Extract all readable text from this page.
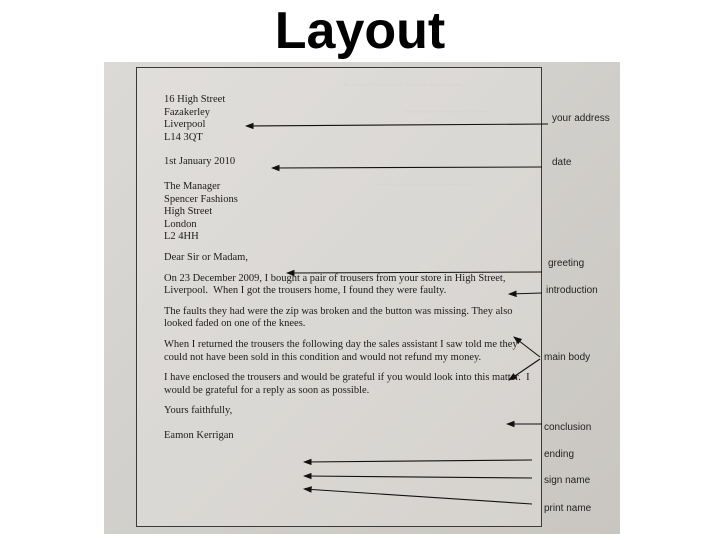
Layout
~ ~~~~ ~~~~~ ~~~~ ~~~~~~
~~~~~ ~~~~~~ ~~~~
~~~~ ~~~~~~~~ ~~~~~

16 High Street

Fazakerley

Liverpool

L14 3QT

1st January 2010

The Manager

Spencer Fashions

High Street

London

L2 4HH

Dear Sir or Madam,

On 23 December 2009, I bought a pair of trousers from your store in High Street, Liverpool.  When I got the trousers home, I found they were faulty.

The faults they had were the zip was broken and the button was missing. They also looked faded on one of the knees.

When I returned the trousers the following day the sales assistant I saw told me they could not have been sold in this condition and would not refund my money.

I have enclosed the trousers and would be grateful if you would look into this matter.  I would be grateful for a reply as soon as possible.

Yours faithfully,

Eamon Kerrigan

your address
date
greeting
introduction
main body
conclusion
ending
sign name
print name
